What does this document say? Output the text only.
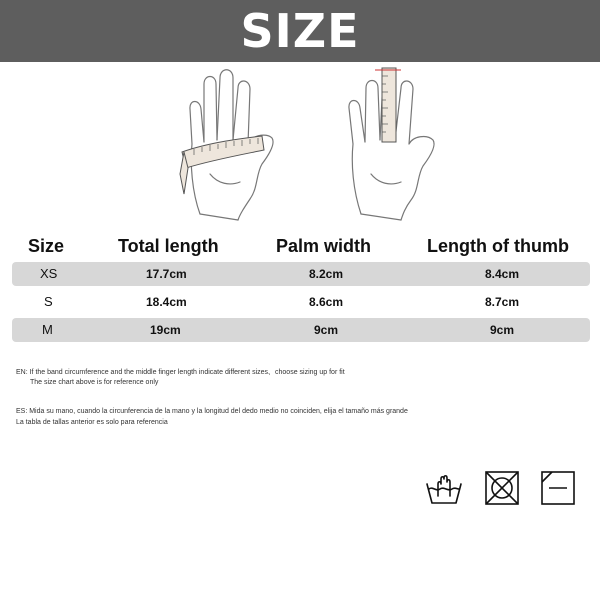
SIZE
Size	Total length	Palm width	Length of thumb
XS	17.7cm	8.2cm	8.4cm
S	18.4cm	8.6cm	8.7cm
M	19cm	9cm	9cm
EN: If the band circumference and the middle finger length indicate different sizes、choose sizing up for fit
The size chart above is for reference only
ES: Mida su mano, cuando la circunferencia de la mano y la longitud del dedo medio no coinciden, elija el tamaño más grande
La tabla de tallas anterior es solo para referencia
